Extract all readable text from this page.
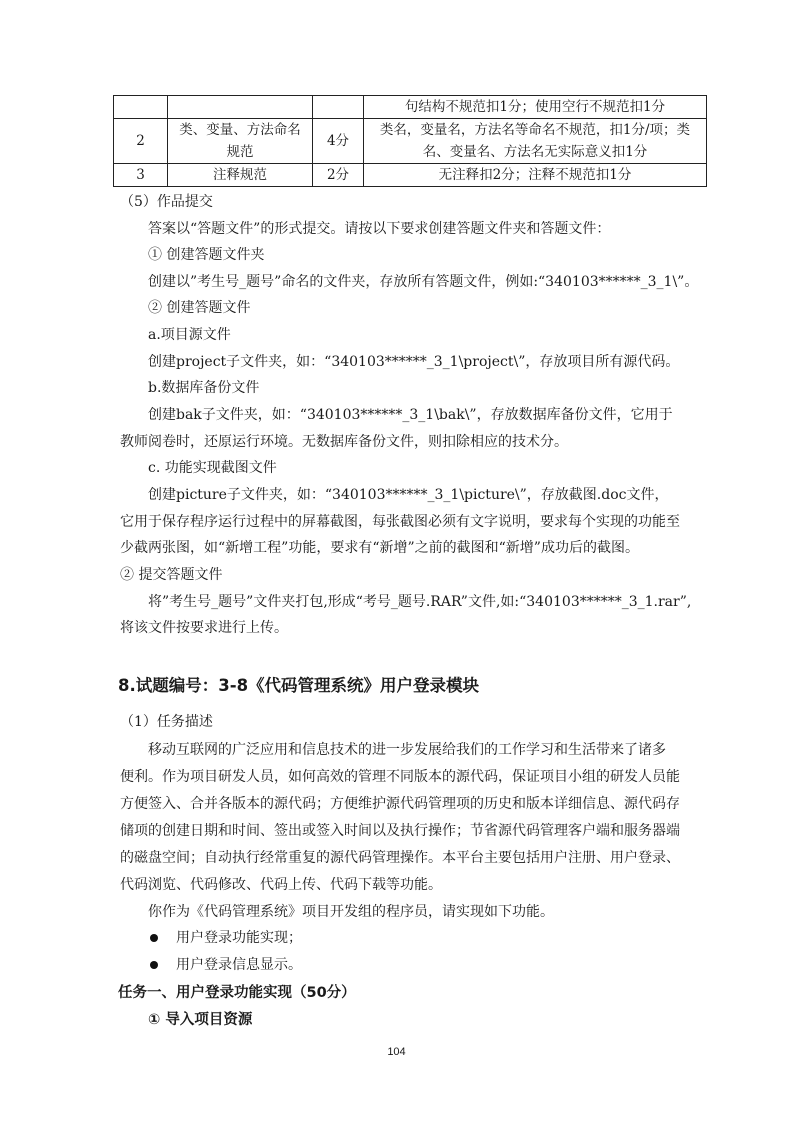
			句结构不规范扣1分；使用空行不规范扣1分
2	类、变量、方法命名规范	4分	类名，变量名，方法名等命名不规范，扣1分/项；类名、变量名、方法名无实际意义扣1分
3	注释规范	2分	无注释扣2分；注释不规范扣1分
（5）作品提交
答案以“答题文件”的形式提交。请按以下要求创建答题文件夹和答题文件：
① 创建答题文件夹
创建以”考生号_题号”命名的文件夹，存放所有答题文件，例如:“340103******_3_1\”。
② 创建答题文件
a.项目源文件
创建project子文件夹，如：“340103******_3_1\project\”，存放项目所有源代码。
b.数据库备份文件
创建bak子文件夹，如：“340103******_3_1\bak\”，存放数据库备份文件，它用于
教师阅卷时，还原运行环境。无数据库备份文件，则扣除相应的技术分。
c. 功能实现截图文件
创建picture子文件夹，如：“340103******_3_1\picture\”，存放截图.doc文件，
它用于保存程序运行过程中的屏幕截图，每张截图必须有文字说明，要求每个实现的功能至
少截两张图，如“新增工程”功能，要求有“新增”之前的截图和“新增”成功后的截图。
② 提交答题文件
将”考生号_题号”文件夹打包,形成“考号_题号.RAR”文件,如:“340103******_3_1.rar”,
将该文件按要求进行上传。
8.试题编号：3-8《代码管理系统》用户登录模块
（1）任务描述
移动互联网的广泛应用和信息技术的进一步发展给我们的工作学习和生活带来了诸多
便利。作为项目研发人员，如何高效的管理不同版本的源代码，保证项目小组的研发人员能
方便签入、合并各版本的源代码；方便维护源代码管理项的历史和版本详细信息、源代码存
储项的创建日期和时间、签出或签入时间以及执行操作；节省源代码管理客户端和服务器端
的磁盘空间；自动执行经常重复的源代码管理操作。本平台主要包括用户注册、用户登录、
代码浏览、代码修改、代码上传、代码下载等功能。
你作为《代码管理系统》项目开发组的程序员，请实现如下功能。
用户登录功能实现；
用户登录信息显示。
任务一、用户登录功能实现（50分）
① 导入项目资源
104
